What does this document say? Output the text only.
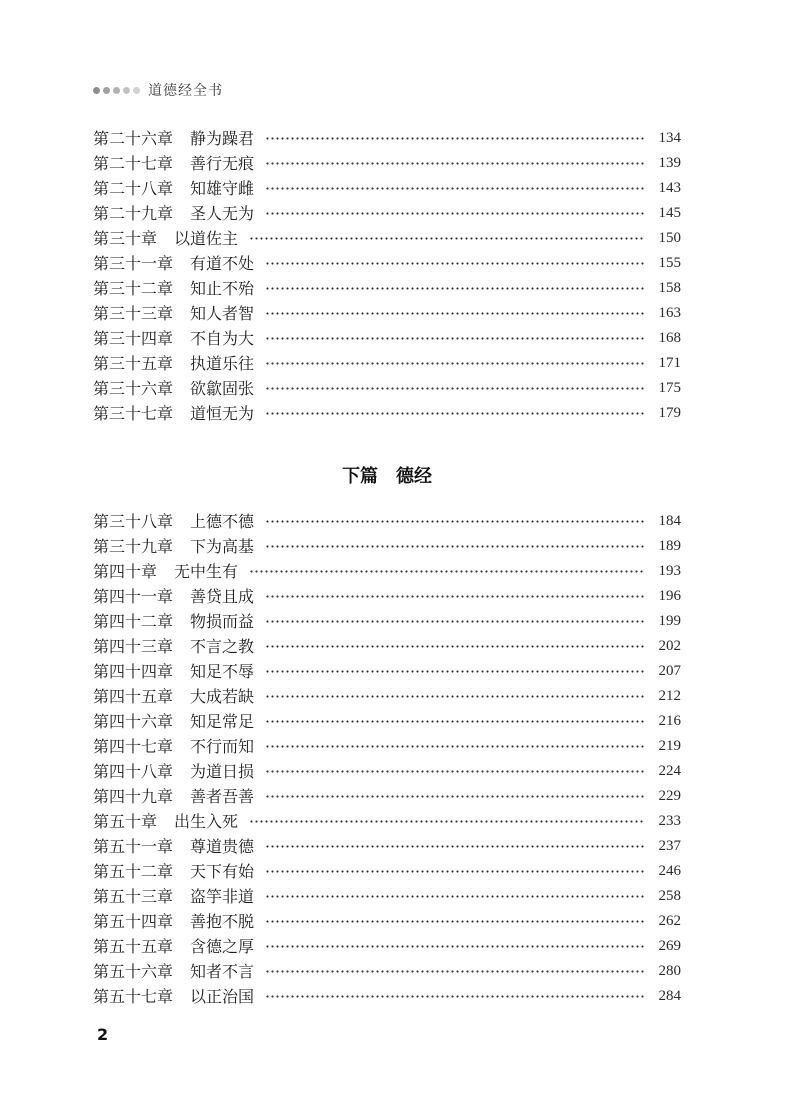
道德经全书
第二十六章 静为躁君	134
第二十七章 善行无痕	139
第二十八章 知雄守雌	143
第二十九章 圣人无为	145
第三十章 以道佐主	150
第三十一章 有道不处	155
第三十二章 知止不殆	158
第三十三章 知人者智	163
第三十四章 不自为大	168
第三十五章 执道乐往	171
第三十六章 欲歙固张	175
第三十七章 道恒无为	179
下篇　德经
第三十八章 上德不德	184
第三十九章 下为高基	189
第四十章 无中生有	193
第四十一章 善贷且成	196
第四十二章 物损而益	199
第四十三章 不言之教	202
第四十四章 知足不辱	207
第四十五章 大成若缺	212
第四十六章 知足常足	216
第四十七章 不行而知	219
第四十八章 为道日损	224
第四十九章 善者吾善	229
第五十章 出生入死	233
第五十一章 尊道贵德	237
第五十二章 天下有始	246
第五十三章 盗竽非道	258
第五十四章 善抱不脱	262
第五十五章 含德之厚	269
第五十六章 知者不言	280
第五十七章 以正治国	284
2
